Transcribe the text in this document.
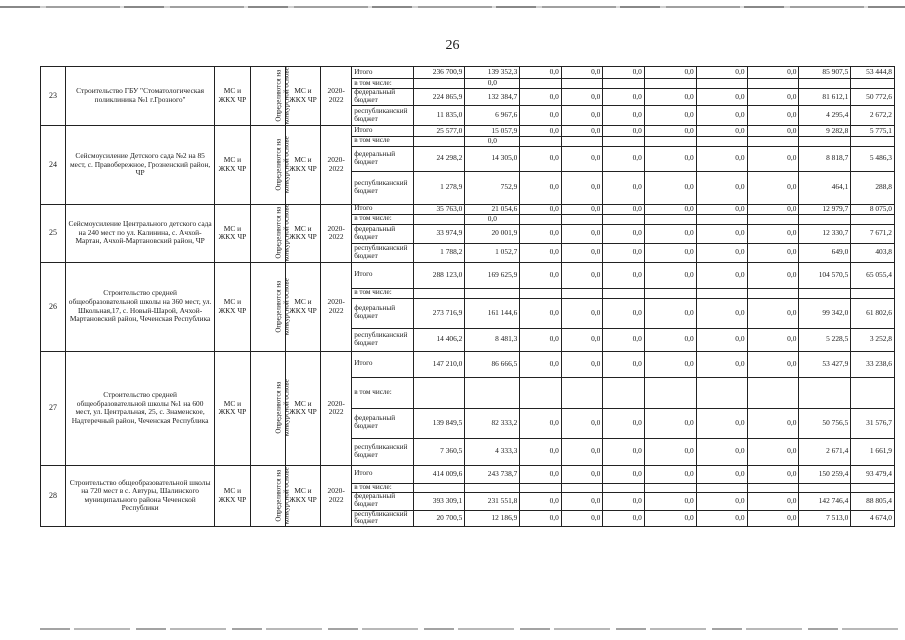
26
23	Строительство ГБУ "Стоматологическая поликлиника №1 г.Грозного"	МС и ЖКХ ЧР	Определяются на конкурсной основе	МС и ЖКХ ЧР	2020-2022	Итого	236 700,9	139 352,3	0,0	0,0	0,0	0,0	0,0	0,0	85 907,5	53 444,8
						в том числе:		0,0								
						федеральный бюджет	224 865,9	132 384,7	0,0	0,0	0,0	0,0	0,0	0,0	81 612,1	50 772,6
						республиканский бюджет	11 835,0	6 967,6	0,0	0,0	0,0	0,0	0,0	0,0	4 295,4	2 672,2
24	Сейсмоусиление Детского сада №2 на 85 мест, с. Правобережное, Грозненский район, ЧР	МС и ЖКХ ЧР	Определяются на конкурсной основе	МС и ЖКХ ЧР	2020-2022	Итого	25 577,0	15 057,9	0,0	0,0	0,0	0,0	0,0	0,0	9 282,8	5 775,1
						в том числе		0,0								
						федеральный бюджет	24 298,2	14 305,0	0,0	0,0	0,0	0,0	0,0	0,0	8 818,7	5 486,3
						республиканский бюджет	1 278,9	752,9	0,0	0,0	0,0	0,0	0,0	0,0	464,1	288,8
25	Сейсмоусиление Центрального детского сада на 240 мест по ул. Калинина, с. Ачхой-Мартан, Ачхой-Мартановский район, ЧР	МС и ЖКХ ЧР	Определяются на конкурсной основе	МС и ЖКХ ЧР	2020-2022	Итого	35 763,0	21 054,6	0,0	0,0	0,0	0,0	0,0	0,0	12 979,7	8 075,0
						в том числе:		0,0								
						федеральный бюджет	33 974,9	20 001,9	0,0	0,0	0,0	0,0	0,0	0,0	12 330,7	7 671,2
						республиканский бюджет	1 788,2	1 052,7	0,0	0,0	0,0	0,0	0,0	0,0	649,0	403,8
26	Строительство средней общеобразовательной школы на 360 мест, ул. Школьная,17, с. Новый-Шарой, Ачхой-Мартановский район, Чеченская Республика	МС и ЖКХ ЧР	Определяются на конкурсной основе	МС и ЖКХ ЧР	2020-2022	Итого	288 123,0	169 625,9	0,0	0,0	0,0	0,0	0,0	0,0	104 570,5	65 055,4
						в том числе:										
						федеральный бюджет	273 716,9	161 144,6	0,0	0,0	0,0	0,0	0,0	0,0	99 342,0	61 802,6
						республиканский бюджет	14 406,2	8 481,3	0,0	0,0	0,0	0,0	0,0	0,0	5 228,5	3 252,8
27	Строительство средней общеобразовательной школы №1 на 600 мест, ул. Центральная, 25, с. Знаменское, Надтеречный район, Чеченская Республика	МС и ЖКХ ЧР	Определяются на конкурсной основе	МС и ЖКХ ЧР	2020-2022	Итого	147 210,0	86 666,5	0,0	0,0	0,0	0,0	0,0	0,0	53 427,9	33 238,6
						в том числе:										
						федеральный бюджет	139 849,5	82 333,2	0,0	0,0	0,0	0,0	0,0	0,0	50 756,5	31 576,7
						республиканский бюджет	7 360,5	4 333,3	0,0	0,0	0,0	0,0	0,0	0,0	2 671,4	1 661,9
28	Строительство общеобразовательной школы на 720 мест в с. Автуры, Шалинского муниципального района Чеченской Республики	МС и ЖКХ ЧР	Определяются на конкурсной основе	МС и ЖКХ ЧР	2020-2022	Итого	414 009,6	243 738,7	0,0	0,0	0,0	0,0	0,0	0,0	150 259,4	93 479,4
						в том числе:										
						федеральный бюджет	393 309,1	231 551,8	0,0	0,0	0,0	0,0	0,0	0,0	142 746,4	88 805,4
						республиканский бюджет	20 700,5	12 186,9	0,0	0,0	0,0	0,0	0,0	0,0	7 513,0	4 674,0
